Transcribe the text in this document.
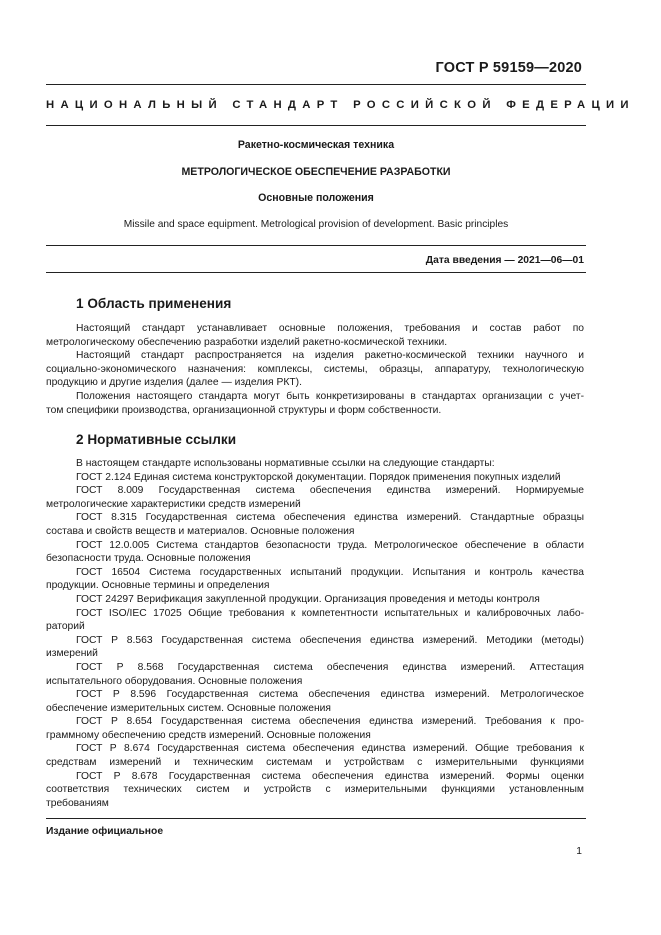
ГОСТ Р 59159—2020
НАЦИОНАЛЬНЫЙ СТАНДАРТ РОССИЙСКОЙ ФЕДЕРАЦИИ
Ракетно-космическая техника
МЕТРОЛОГИЧЕСКОЕ ОБЕСПЕЧЕНИЕ РАЗРАБОТКИ
Основные положения
Missile and space equipment. Metrological provision of development. Basic principles
Дата введения — 2021—06—01
1 Область применения
Настоящий стандарт устанавливает основные положения, требования и состав работ по
метрологическому обеспечению разработки изделий ракетно-космической техники.
Настоящий стандарт распространяется на изделия ракетно-космической техники научного и
социально-экономического назначения: комплексы, системы, образцы, аппаратуру, технологическую
продукцию и другие изделия (далее — изделия РКТ).
Положения настоящего стандарта могут быть конкретизированы в стандартах организации с учет-
том специфики производства, организационной структуры и форм собственности.
2 Нормативные ссылки
В настоящем стандарте использованы нормативные ссылки на следующие стандарты:
ГОСТ 2.124 Единая система конструкторской документации. Порядок применения покупных изделий
ГОСТ 8.009 Государственная система обеспечения единства измерений. Нормируемые
метрологические характеристики средств измерений
ГОСТ 8.315 Государственная система обеспечения единства измерений. Стандартные образцы
состава и свойств веществ и материалов. Основные положения
ГОСТ 12.0.005 Система стандартов безопасности труда. Метрологическое обеспечение в области
безопасности труда. Основные положения
ГОСТ 16504 Система государственных испытаний продукции. Испытания и контроль качества
продукции. Основные термины и определения
ГОСТ 24297 Верификация закупленной продукции. Организация проведения и методы контроля
ГОСТ ISO/IEC 17025 Общие требования к компетентности испытательных и калибровочных лабо-
раторий
ГОСТ Р 8.563 Государственная система обеспечения единства измерений. Методики (методы)
измерений
ГОСТ Р 8.568 Государственная система обеспечения единства измерений. Аттестация
испытательного оборудования. Основные положения
ГОСТ Р 8.596 Государственная система обеспечения единства измерений. Метрологическое
обеспечение измерительных систем. Основные положения
ГОСТ Р 8.654 Государственная система обеспечения единства измерений. Требования к про-
граммному обеспечению средств измерений. Основные положения
ГОСТ Р 8.674 Государственная система обеспечения единства измерений. Общие требования к
средствам измерений и техническим системам и устройствам с измерительными функциями
ГОСТ Р 8.678 Государственная система обеспечения единства измерений. Формы оценки
соответствия технических систем и устройств с измерительными функциями установленным
требованиям
Издание официальное
1
